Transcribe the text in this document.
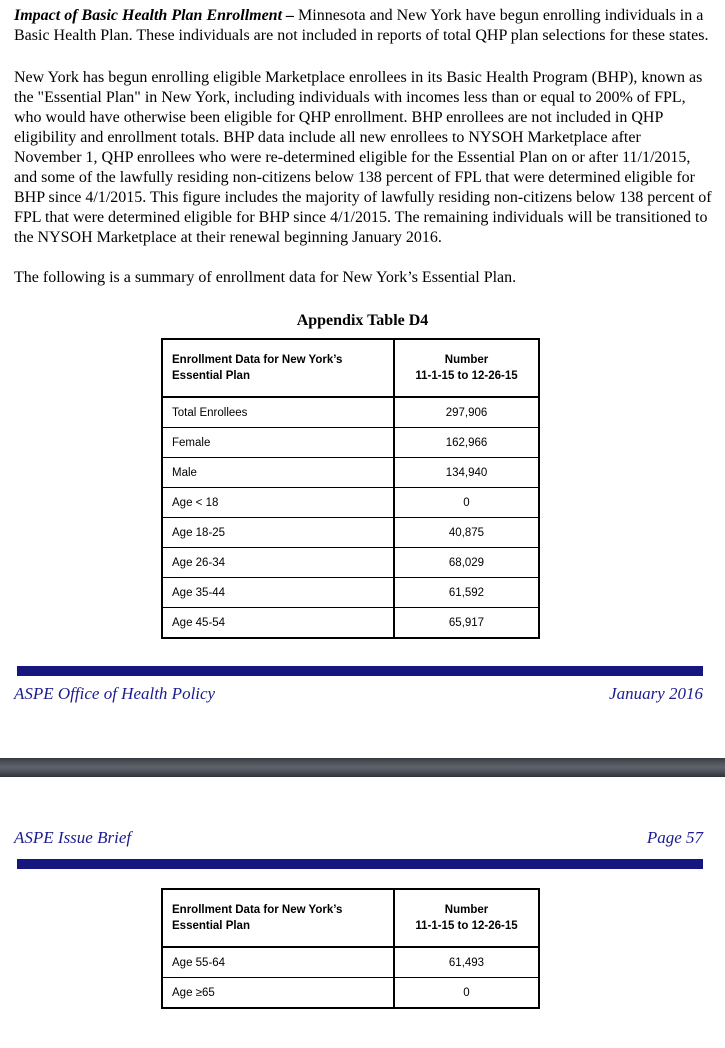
Impact of Basic Health Plan Enrollment – Minnesota and New York have begun enrolling individuals in a Basic Health Plan. These individuals are not included in reports of total QHP plan selections for these states.

New York has begun enrolling eligible Marketplace enrollees in its Basic Health Program (BHP), known as the "Essential Plan" in New York, including individuals with incomes less than or equal to 200% of FPL, who would have otherwise been eligible for QHP enrollment. BHP enrollees are not included in QHP eligibility and enrollment totals. BHP data include all new enrollees to NYSOH Marketplace after November 1, QHP enrollees who were re-determined eligible for the Essential Plan on or after 11/1/2015, and some of the lawfully residing non-citizens below 138 percent of FPL that were determined eligible for BHP since 4/1/2015. This figure includes the majority of lawfully residing non-citizens below 138 percent of FPL that were determined eligible for BHP since 4/1/2015. The remaining individuals will be transitioned to the NYSOH Marketplace at their renewal beginning January 2016.

The following is a summary of enrollment data for New York’s Essential Plan.

Appendix Table D4
Enrollment Data for New York’s Essential Plan	Number
11-1-15 to 12-26-15

Total Enrollees	297,906
Female	162,966
Male	134,940
Age < 18	0
Age 18-25	40,875
Age 26-34	68,029
Age 35-44	61,592
Age 45-54	65,917
ASPE Office of Health Policy	January 2016
ASPE Issue Brief	Page 57
Enrollment Data for New York’s Essential Plan	Number
11-1-15 to 12-26-15

Age 55-64	61,493
Age ≥65	0
